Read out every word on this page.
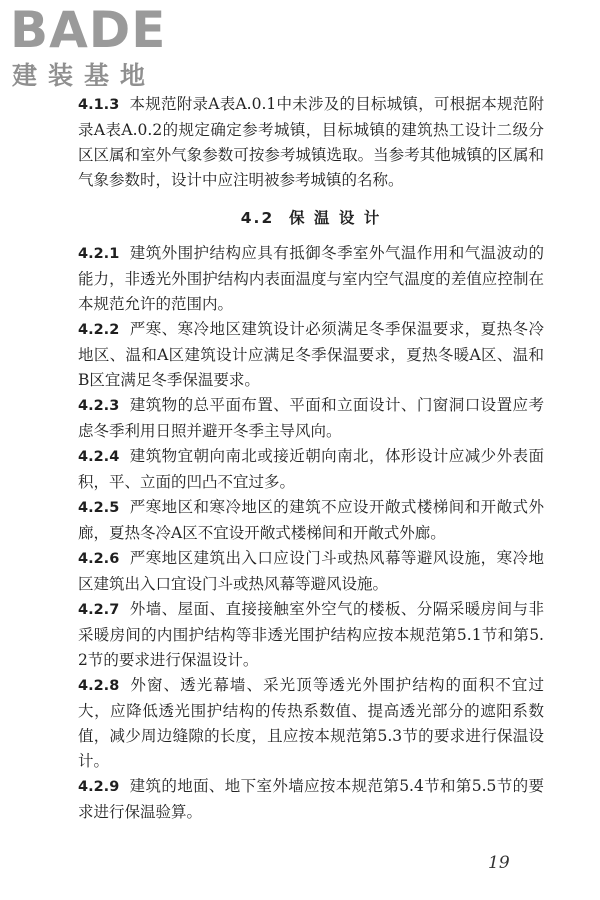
BADE
建装基地

4.1.3 本规范附录A表A.0.1中未涉及的目标城镇，可根据本规范附录A表A.0.2的规定确定参考城镇，目标城镇的建筑热工设计二级分区区属和室外气象参数可按参考城镇选取。当参考其他城镇的区属和气象参数时，设计中应注明被参考城镇的名称。

4.2 保 温 设 计

4.2.1 建筑外围护结构应具有抵御冬季室外气温作用和气温波动的能力，非透光外围护结构内表面温度与室内空气温度的差值应控制在本规范允许的范围内。

4.2.2 严寒、寒冷地区建筑设计必须满足冬季保温要求，夏热冬冷地区、温和A区建筑设计应满足冬季保温要求，夏热冬暖A区、温和B区宜满足冬季保温要求。

4.2.3 建筑物的总平面布置、平面和立面设计、门窗洞口设置应考虑冬季利用日照并避开冬季主导风向。

4.2.4 建筑物宜朝向南北或接近朝向南北，体形设计应减少外表面积，平、立面的凹凸不宜过多。

4.2.5 严寒地区和寒冷地区的建筑不应设开敞式楼梯间和开敞式外廊，夏热冬冷A区不宜设开敞式楼梯间和开敞式外廊。

4.2.6 严寒地区建筑出入口应设门斗或热风幕等避风设施，寒冷地区建筑出入口宜设门斗或热风幕等避风设施。

4.2.7 外墙、屋面、直接接触室外空气的楼板、分隔采暖房间与非采暖房间的内围护结构等非透光围护结构应按本规范第5.1节和第5.2节的要求进行保温设计。

4.2.8 外窗、透光幕墙、采光顶等透光外围护结构的面积不宜过大，应降低透光围护结构的传热系数值、提高透光部分的遮阳系数值，减少周边缝隙的长度，且应按本规范第5.3节的要求进行保温设计。

4.2.9 建筑的地面、地下室外墙应按本规范第5.4节和第5.5节的要求进行保温验算。

19
